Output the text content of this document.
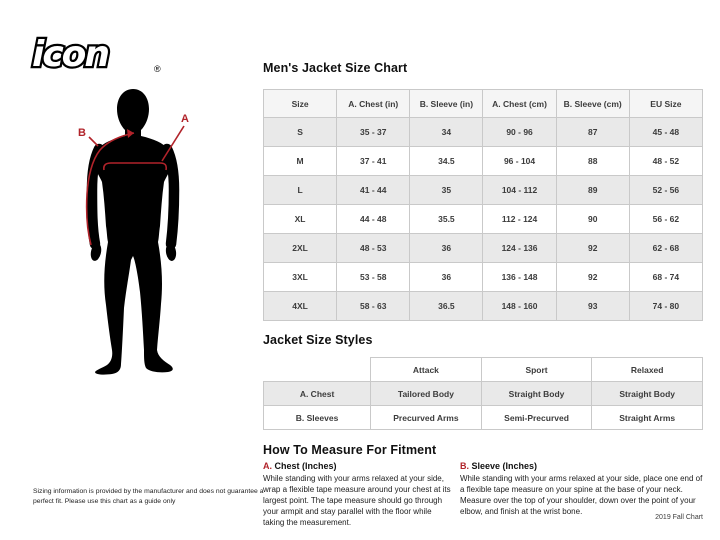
icon	®
A
B
Men's Jacket Size Chart
Size	A. Chest (in)	B. Sleeve (in)	A. Chest (cm)	B. Sleeve (cm)	EU Size
S	35 - 37	34	90 - 96	87	45 - 48
M	37 - 41	34.5	96 - 104	88	48 - 52
L	41 - 44	35	104 - 112	89	52 - 56
XL	44 - 48	35.5	112 - 124	90	56 - 62
2XL	48 - 53	36	124 - 136	92	62 - 68
3XL	53 - 58	36	136 - 148	92	68 - 74
4XL	58 - 63	36.5	148 - 160	93	74 - 80
Jacket Size Styles
	Attack	Sport	Relaxed
A. Chest	Tailored Body	Straight Body	Straight Body
B. Sleeves	Precurved Arms	Semi-Precurved	Straight Arms
How To Measure For Fitment
A. Chest (Inches)
While standing with your arms relaxed at your side, wrap a flexible tape measure around your chest at its largest point. The tape measure should go through your armpit and stay parallel with the floor while taking the measurement.
B. Sleeve (Inches)
While standing with your arms relaxed at your side, place one end of a flexible tape measure on your spine at the base of your neck. Measure over the top of your shoulder, down over the point of your elbow, and finish at the wrist bone.
Sizing information is provided by the manufacturer and does not guarantee a perfect fit. Please use this chart as a guide only
2019 Fall Chart
